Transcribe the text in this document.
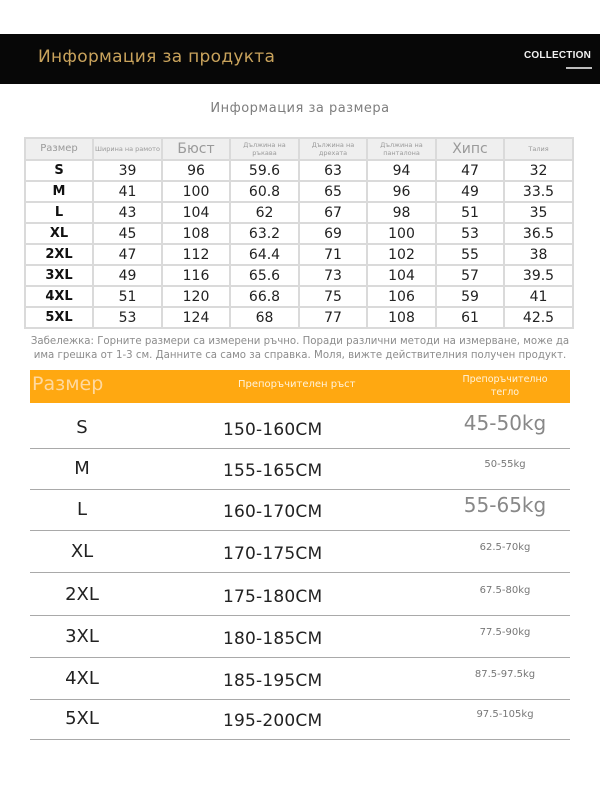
Информация за продукта	COLLECTION
Информация за размера
Размер	Ширина на рамото	Бюст	Дължина на ръкава	Дължина на дрехата	Дължина на панталона	Хипс	Талия
S	39	96	59.6	63	94	47	32
M	41	100	60.8	65	96	49	33.5
L	43	104	62	67	98	51	35
XL	45	108	63.2	69	100	53	36.5
2XL	47	112	64.4	71	102	55	38
3XL	49	116	65.6	73	104	57	39.5
4XL	51	120	66.8	75	106	59	41
5XL	53	124	68	77	108	61	42.5
Забележка: Горните размери са измерени ръчно. Поради различни методи на измерване, може да има грешка от 1-3 см. Данните са само за справка. Моля, вижте действителния получен продукт.
Размер	Препоръчителен ръст	Препоръчително тегло
S	150-160CM	45-50kg
M	155-165CM	50-55kg
L	160-170CM	55-65kg
XL	170-175CM	62.5-70kg
2XL	175-180CM	67.5-80kg
3XL	180-185CM	77.5-90kg
4XL	185-195CM	87.5-97.5kg
5XL	195-200CM	97.5-105kg
